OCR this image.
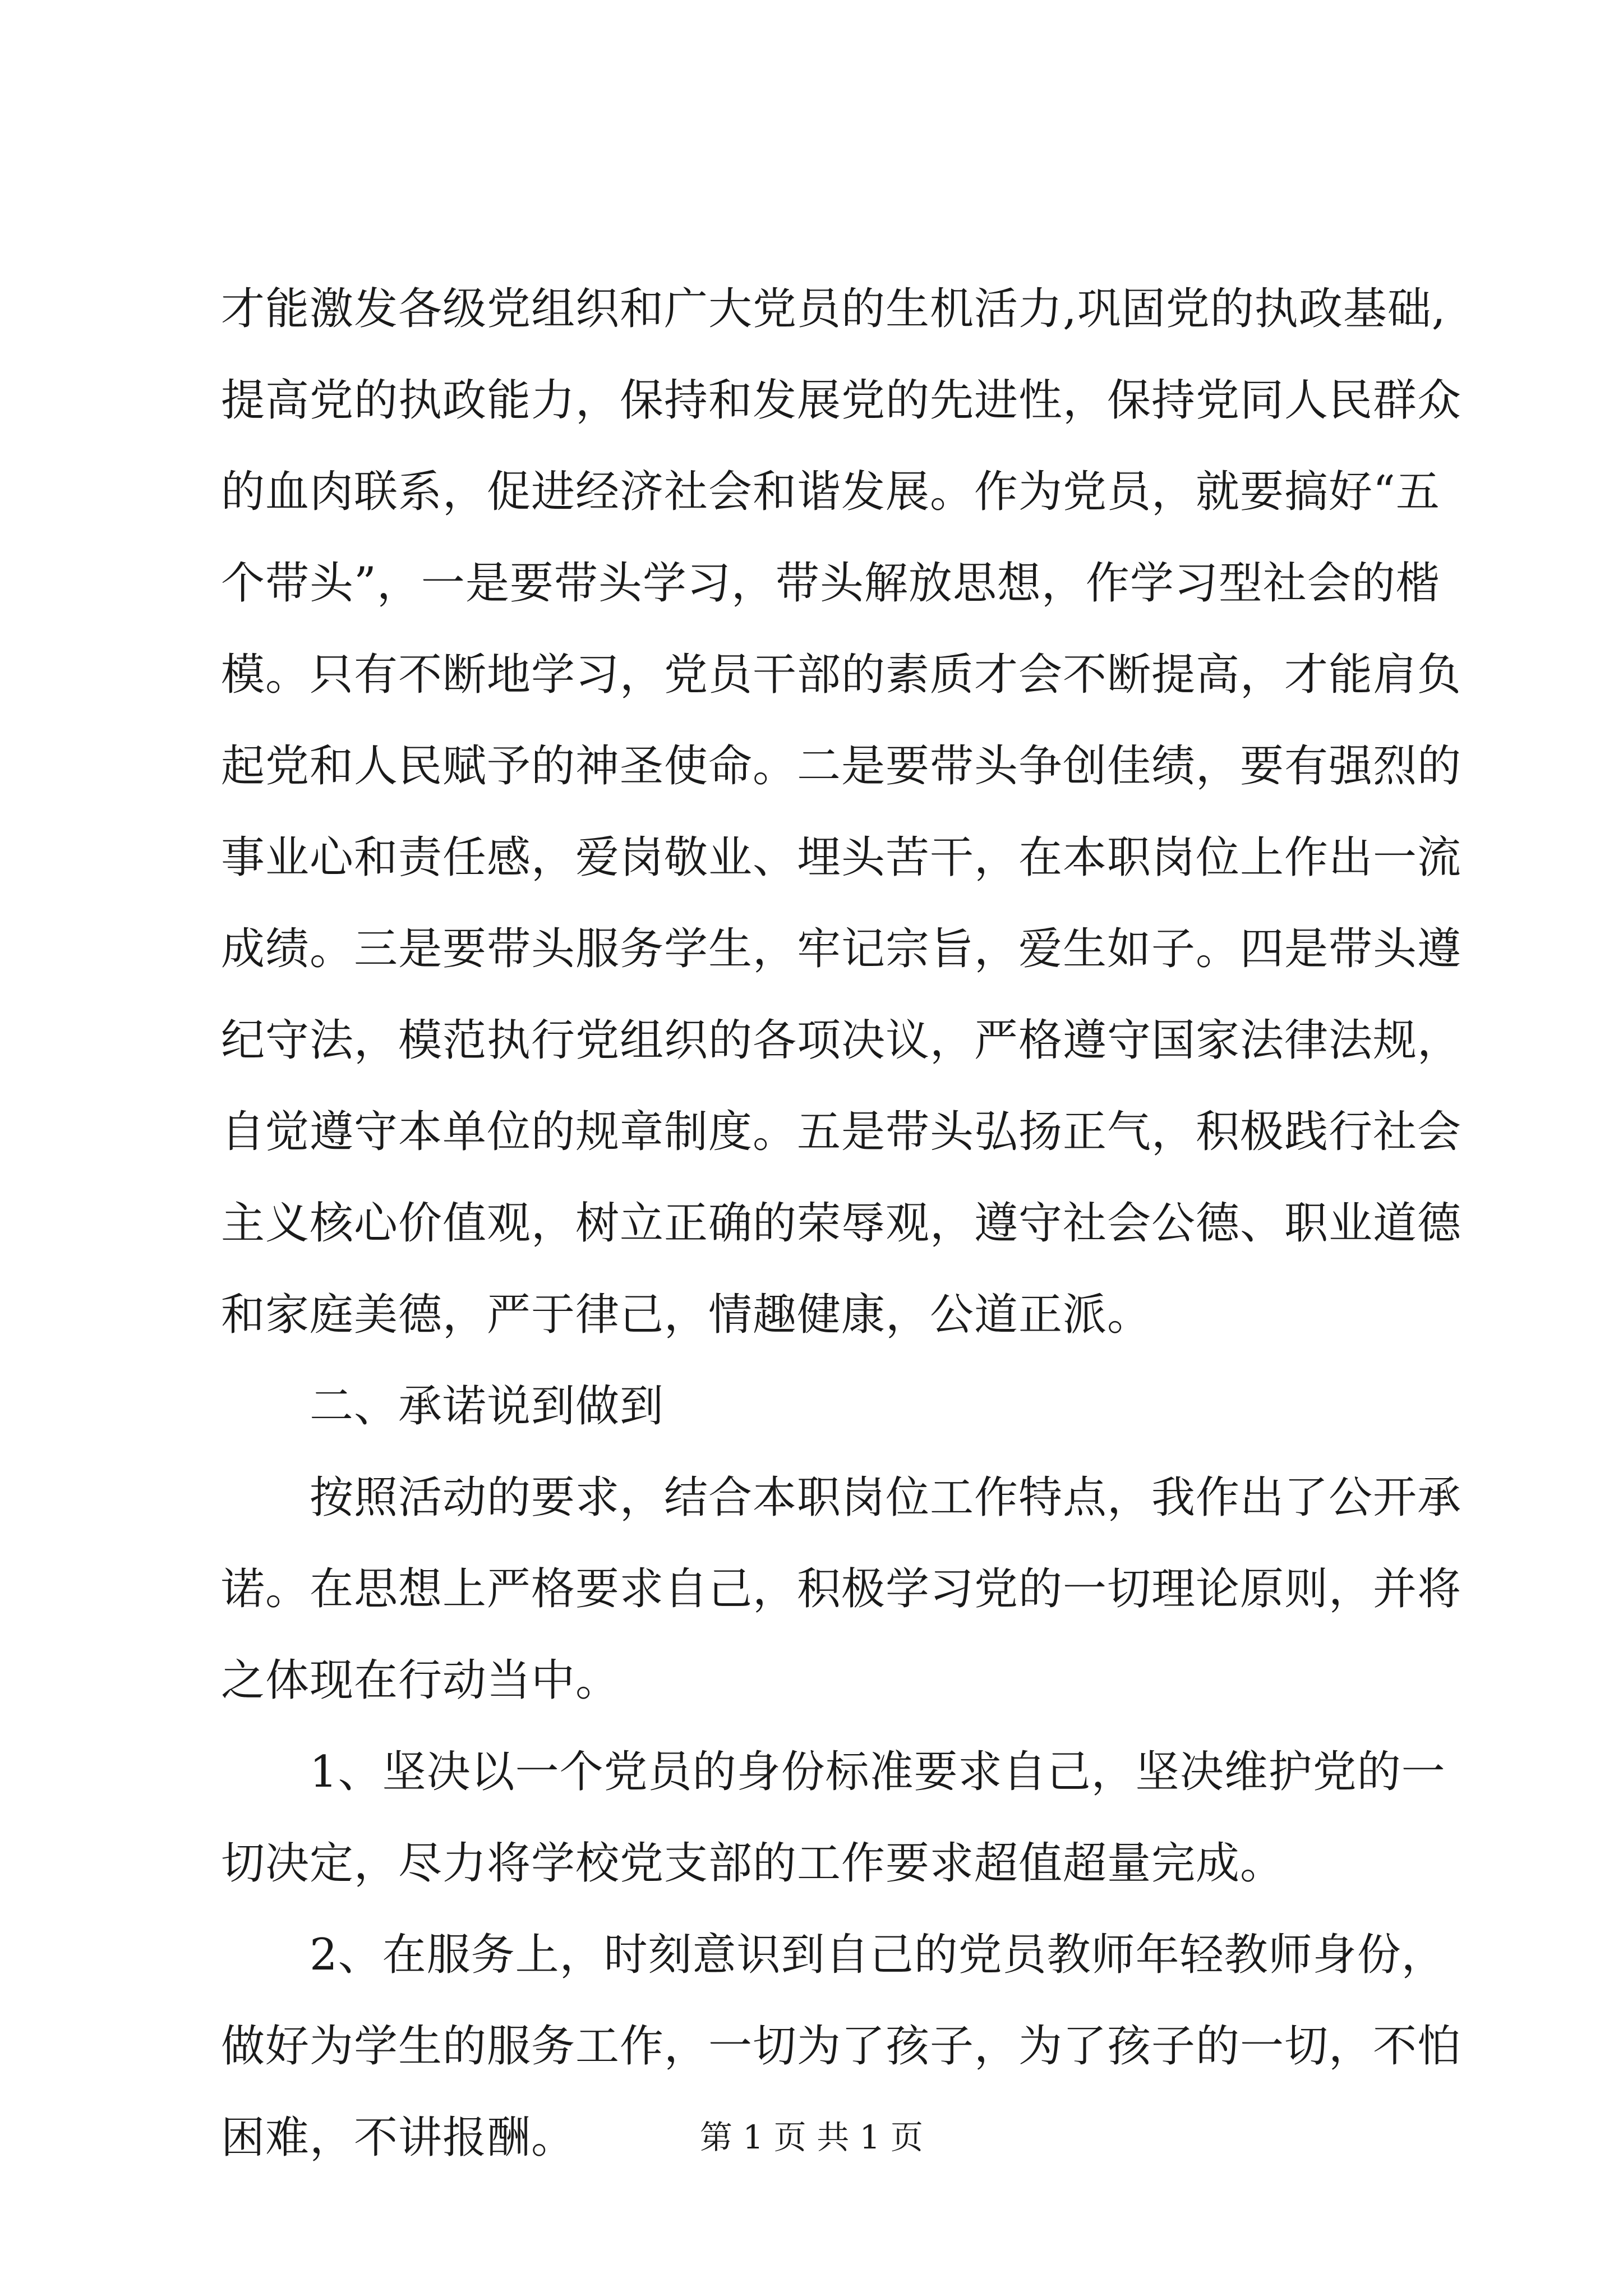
才能激发各级党组织和广大党员的生机活力,巩固党的执政基础,
提高党的执政能力，保持和发展党的先进性，保持党同人民群众
的血肉联系，促进经济社会和谐发展。作为党员，就要搞好“五
个带头”，一是要带头学习，带头解放思想，作学习型社会的楷
模。只有不断地学习，党员干部的素质才会不断提高，才能肩负
起党和人民赋予的神圣使命。二是要带头争创佳绩，要有强烈的
事业心和责任感，爱岗敬业、埋头苦干，在本职岗位上作出一流
成绩。三是要带头服务学生，牢记宗旨，爱生如子。四是带头遵
纪守法，模范执行党组织的各项决议，严格遵守国家法律法规，
自觉遵守本单位的规章制度。五是带头弘扬正气，积极践行社会
主义核心价值观，树立正确的荣辱观，遵守社会公德、职业道德
和家庭美德，严于律己，情趣健康，公道正派。
二、承诺说到做到
按照活动的要求，结合本职岗位工作特点，我作出了公开承
诺。在思想上严格要求自己，积极学习党的一切理论原则，并将
之体现在行动当中。
1、坚决以一个党员的身份标准要求自己，坚决维护党的一
切决定，尽力将学校党支部的工作要求超值超量完成。
2、在服务上，时刻意识到自己的党员教师年轻教师身份，
做好为学生的服务工作，一切为了孩子，为了孩子的一切，不怕
困难，不讲报酬。	第 1 页 共 1 页
